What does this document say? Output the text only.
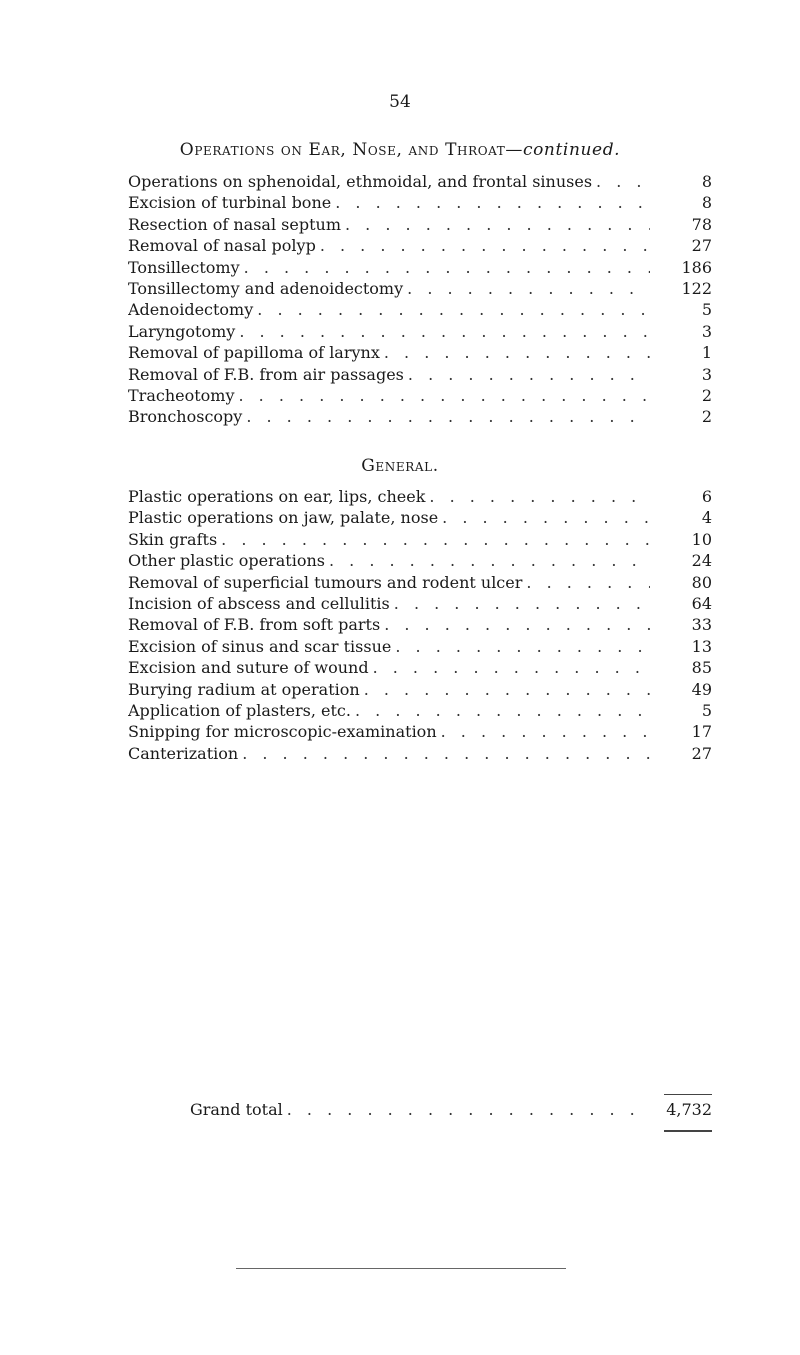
54
Operations on Ear, Nose, and Throat—continued.
Operations on sphenoidal, ethmoidal, and frontal sinuses . . .	8
Excision of turbinal bone . . .	8
Resection of nasal septum . . .	78
Removal of nasal polyp . . .	27
Tonsillectomy . . .	186
Tonsillectomy and adenoidectomy . . .	122
Adenoidectomy . . .	5
Laryngotomy . . .	3
Removal of papilloma of larynx . . .	1
Removal of F.B. from air passages . . .	3
Tracheotomy . . .	2
Bronchoscopy . . .	2
General.
Plastic operations on ear, lips, cheek . . .	6
Plastic operations on jaw, palate, nose . . .	4
Skin grafts . . .	10
Other plastic operations . . .	24
Removal of superficial tumours and rodent ulcer . . .	80
Incision of abscess and cellulitis . . .	64
Removal of F.B. from soft parts . . .	33
Excision of sinus and scar tissue . . .	13
Excision and suture of wound . . .	85
Burying radium at operation . . .	49
Application of plasters, etc. . . .	5
Snipping for microscopic-examination . . .	17
Canterization . . .	27
Grand total . . .	4,732
